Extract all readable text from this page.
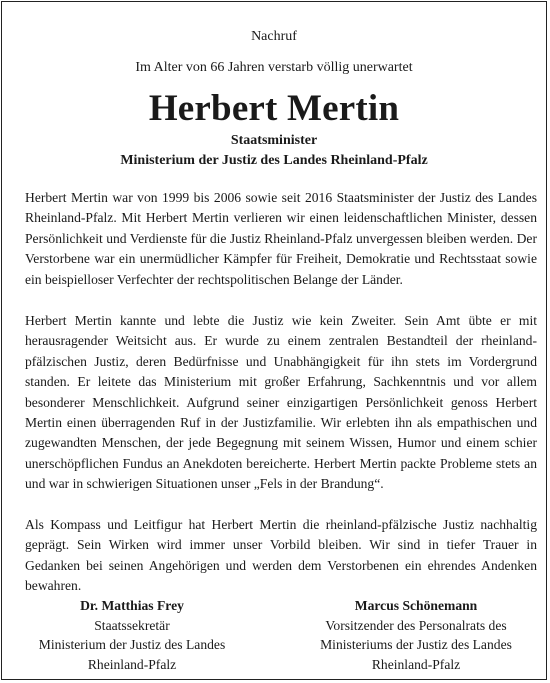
Nachruf

Im Alter von 66 Jahren verstarb völlig unerwartet

Herbert Mertin

Staatsminister

Ministerium der Justiz des Landes Rheinland-Pfalz

Herbert Mertin war von 1999 bis 2006 sowie seit 2016 Staatsminister der Justiz des Landes Rheinland-Pfalz. Mit Herbert Mertin verlieren wir einen leidenschaftlichen Minister, dessen Persönlichkeit und Verdienste für die Justiz Rheinland-Pfalz unvergessen bleiben werden. Der Verstorbene war ein unermüdlicher Kämpfer für Freiheit, Demokratie und Rechtsstaat sowie ein beispielloser Verfechter der rechtspolitischen Belange der Länder.

Herbert Mertin kannte und lebte die Justiz wie kein Zweiter. Sein Amt übte er mit herausragender Weitsicht aus. Er wurde zu einem zentralen Bestandteil der rheinlandpfälzischen Justiz, deren Bedürfnisse und Unabhängigkeit für ihn stets im Vordergrund standen. Er leitete das Ministerium mit großer Erfahrung, Sachkenntnis und vor allem besonderer Menschlichkeit. Aufgrund seiner einzigartigen Persönlichkeit genoss Herbert Mertin einen überragenden Ruf in der Justizfamilie. Wir erlebten ihn als empathischen und zugewandten Menschen, der jede Begegnung mit seinem Wissen, Humor und einem schier unerschöpflichen Fundus an Anekdoten bereicherte. Herbert Mertin packte Probleme stets an und war in schwierigen Situationen unser „Fels in der Brandung“.

Als Kompass und Leitfigur hat Herbert Mertin die rheinland-pfälzische Justiz nachhaltig geprägt. Sein Wirken wird immer unser Vorbild bleiben. Wir sind in tiefer Trauer in Gedanken bei seinen Angehörigen und werden dem Verstorbenen ein ehrendes Andenken bewahren.

Dr. Matthias Frey
Staatssekretär
Ministerium der Justiz des Landes
Rheinland-Pfalz
Marcus Schönemann
Vorsitzender des Personalrats des
Ministeriums der Justiz des Landes
Rheinland-Pfalz
